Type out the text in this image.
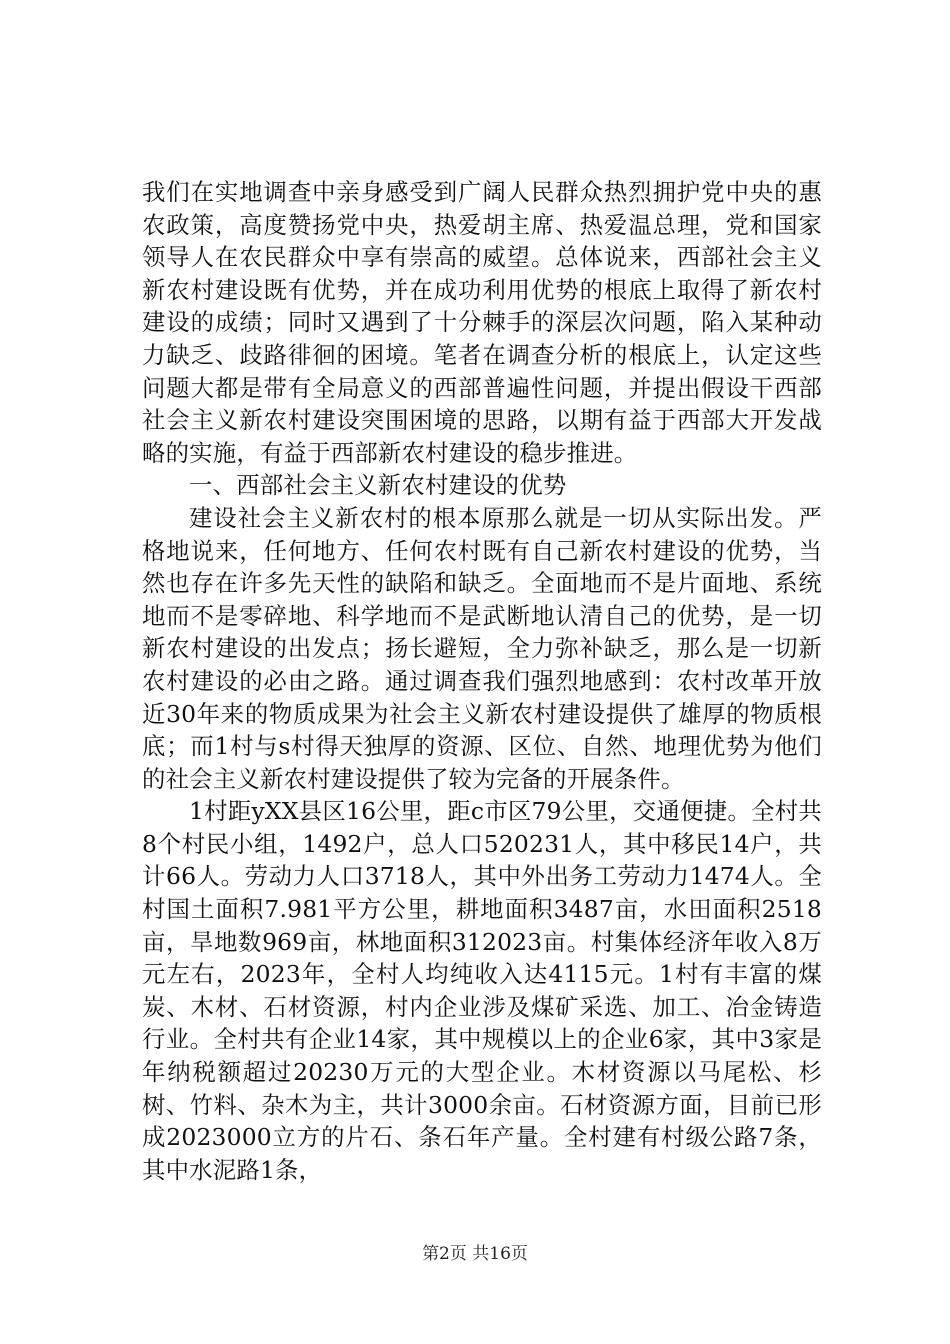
我们在实地调查中亲身感受到广阔人民群众热烈拥护党中央的惠农政策，高度赞扬党中央，热爱胡主席、热爱温总理，党和国家领导人在农民群众中享有崇高的威望。总体说来，西部社会主义新农村建设既有优势，并在成功利用优势的根底上取得了新农村建设的成绩；同时又遇到了十分棘手的深层次问题，陷入某种动力缺乏、歧路徘徊的困境。笔者在调查分析的根底上，认定这些问题大都是带有全局意义的西部普遍性问题，并提出假设干西部社会主义新农村建设突围困境的思路，以期有益于西部大开发战略的实施，有益于西部新农村建设的稳步推进。

一、西部社会主义新农村建设的优势

建设社会主义新农村的根本原那么就是一切从实际出发。严格地说来，任何地方、任何农村既有自己新农村建设的优势，当然也存在许多先天性的缺陷和缺乏。全面地而不是片面地、系统地而不是零碎地、科学地而不是武断地认清自己的优势，是一切新农村建设的出发点；扬长避短，全力弥补缺乏，那么是一切新农村建设的必由之路。通过调查我们强烈地感到：农村改革开放近30年来的物质成果为社会主义新农村建设提供了雄厚的物质根底；而1村与s村得天独厚的资源、区位、自然、地理优势为他们的社会主义新农村建设提供了较为完备的开展条件。

1村距yXX县区16公里，距c市区79公里，交通便捷。全村共8个村民小组，1492户，总人口520231人，其中移民14户，共计66人。劳动力人口3718人，其中外出务工劳动力1474人。全村国土面积7.981平方公里，耕地面积3487亩，水田面积2518亩，旱地数969亩，林地面积312023亩。村集体经济年收入8万元左右，2023年，全村人均纯收入达4115元。1村有丰富的煤炭、木材、石材资源，村内企业涉及煤矿采选、加工、冶金铸造行业。全村共有企业14家，其中规模以上的企业6家，其中3家是年纳税额超过20230万元的大型企业。木材资源以马尾松、杉树、竹料、杂木为主，共计3000余亩。石材资源方面，目前已形成2023000立方的片石、条石年产量。全村建有村级公路7条，其中水泥路1条，

第2页 共16页
